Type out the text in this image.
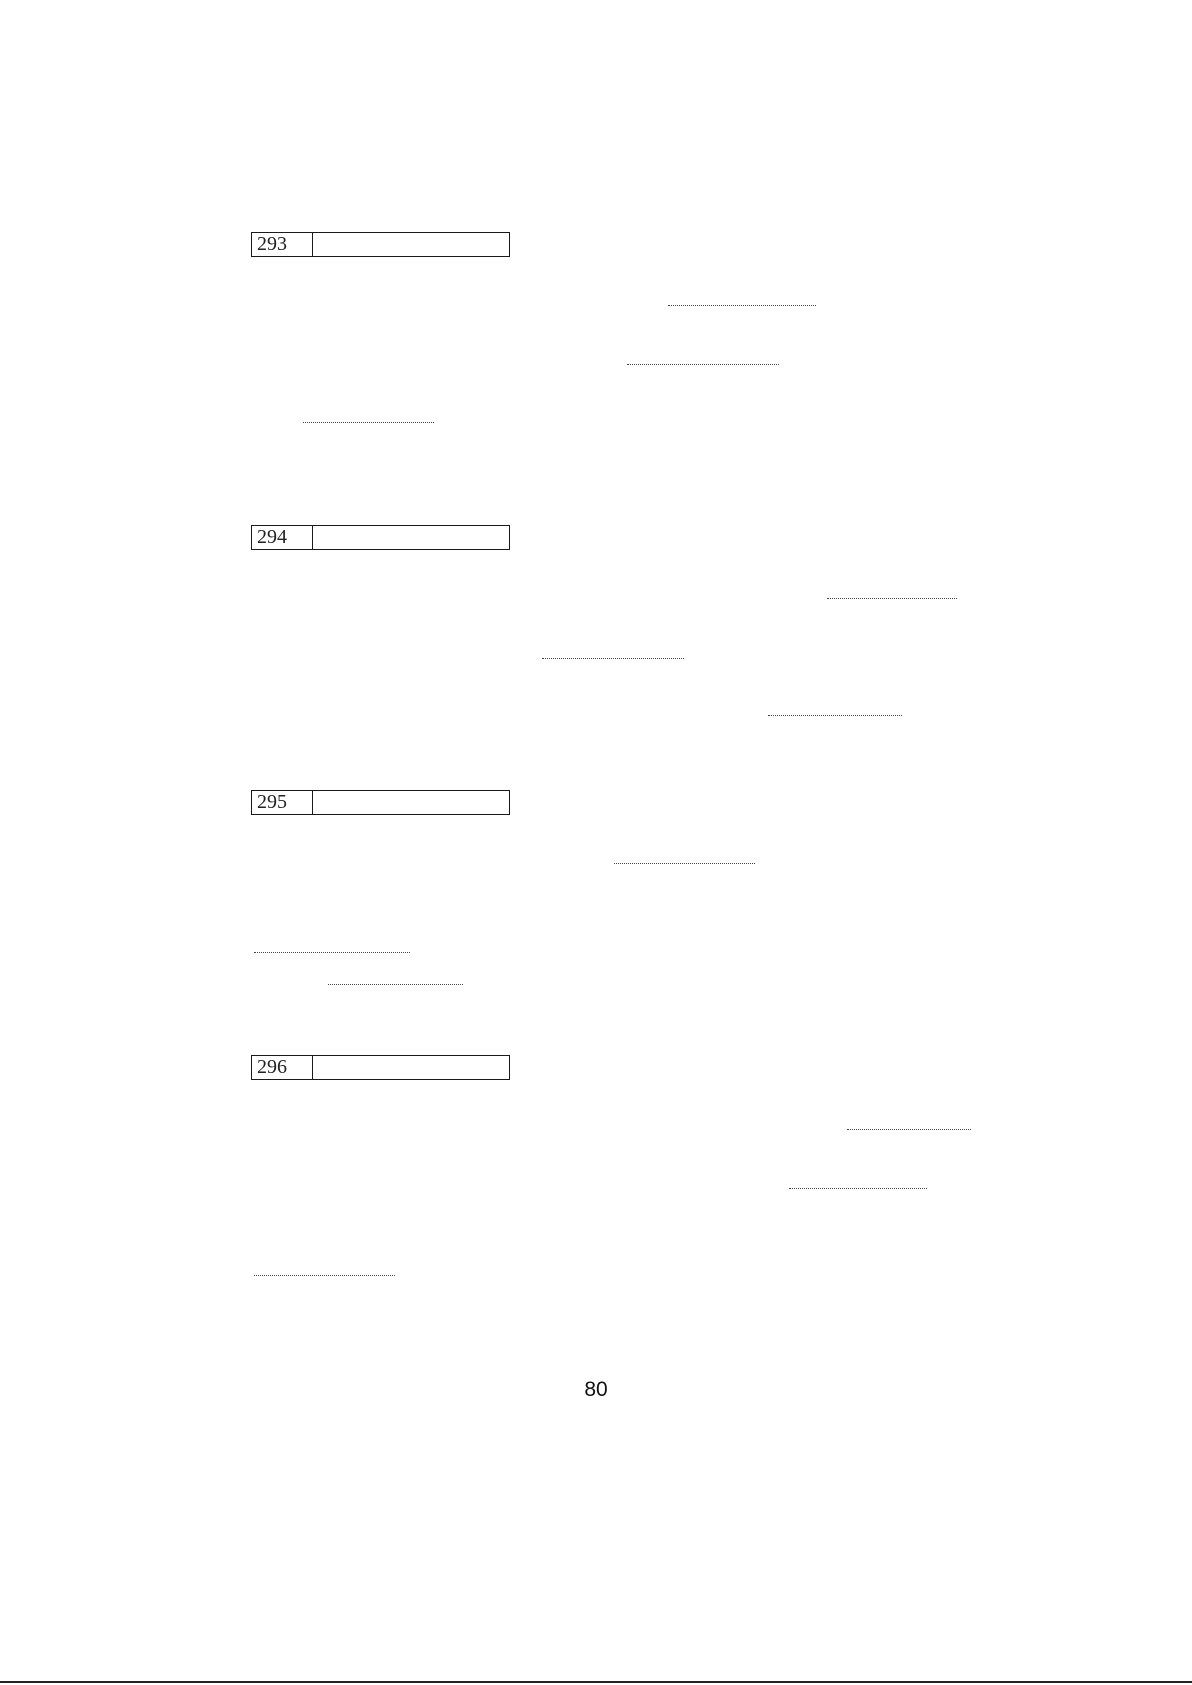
293
294
295
296
80
